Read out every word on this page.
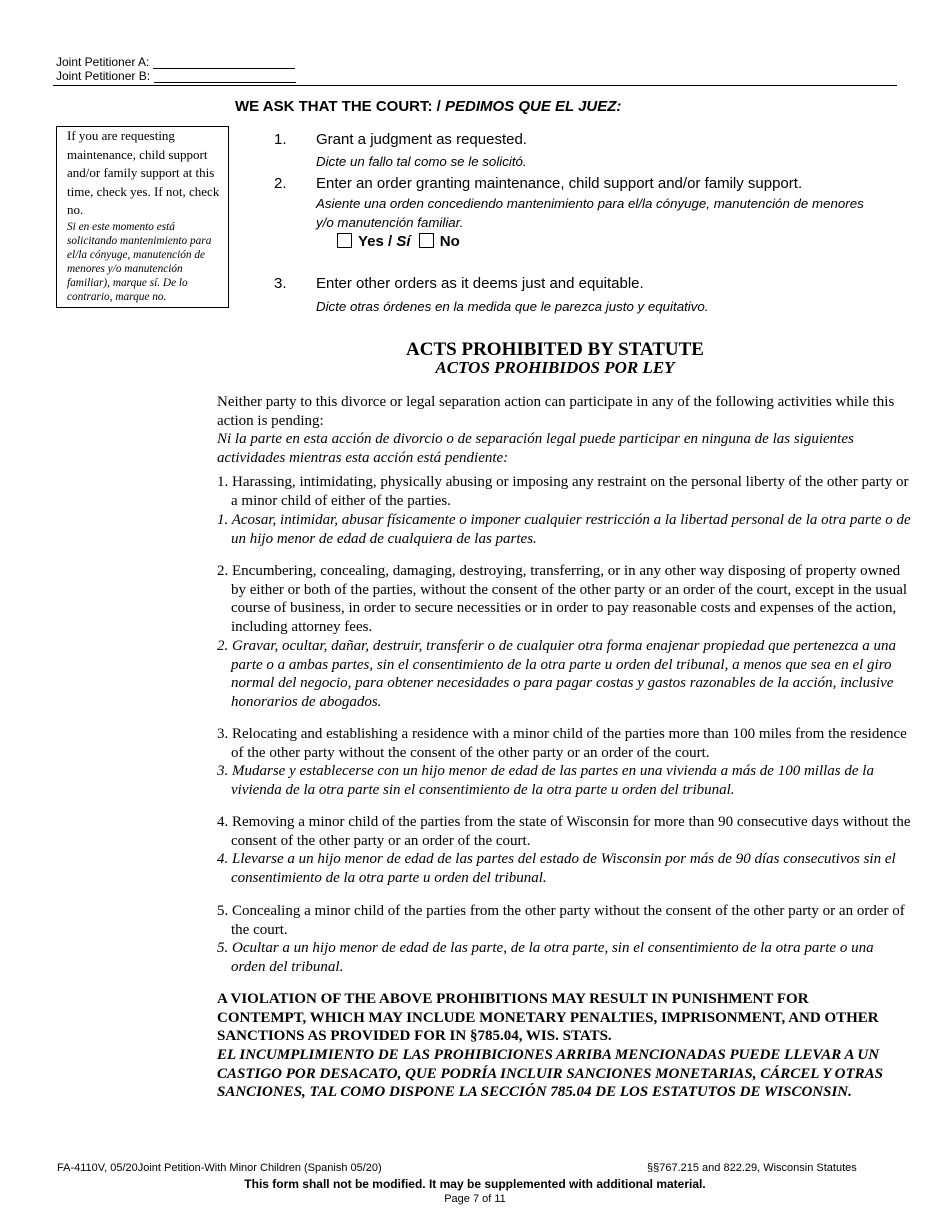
Joint Petitioner A:
Joint Petitioner B:
WE ASK THAT THE COURT: / PEDIMOS QUE EL JUEZ:

If you are requesting maintenance, child support and/or family support at this time, check yes. If not, check no.

Si en este momento está solicitando mantenimiento para el/la cónyuge, manutención de menores y/o manutención familiar), marque sí. De lo contrario, marque no.

1. Grant a judgment as requested.
Dicte un fallo tal como se le solicitó.
2. Enter an order granting maintenance, child support and/or family support.
Asiente una orden concediendo mantenimiento para el/la cónyuge, manutención de menores y/o manutención familiar.
Yes / Sí No
3. Enter other orders as it deems just and equitable.
Dicte otras órdenes en la medida que le parezca justo y equitativo.
ACTS PROHIBITED BY STATUTE
ACTOS PROHIBIDOS POR LEY
Neither party to this divorce or legal separation action can participate in any of the following activities while this action is pending:
Ni la parte en esta acción de divorcio o de separación legal puede participar en ninguna de las siguientes actividades mientras esta acción está pendiente:
1. Harassing, intimidating, physically abusing or imposing any restraint on the personal liberty of the other party or a minor child of either of the parties.
1. Acosar, intimidar, abusar físicamente o imponer cualquier restricción a la libertad personal de la otra parte o de un hijo menor de edad de cualquiera de las partes.
2. Encumbering, concealing, damaging, destroying, transferring, or in any other way disposing of property owned by either or both of the parties, without the consent of the other party or an order of the court, except in the usual course of business, in order to secure necessities or in order to pay reasonable costs and expenses of the action, including attorney fees.
2. Gravar, ocultar, dañar, destruir, transferir o de cualquier otra forma enajenar propiedad que pertenezca a una parte o a ambas partes, sin el consentimiento de la otra parte u orden del tribunal, a menos que sea en el giro normal del negocio, para obtener necesidades o para pagar costas y gastos razonables de la acción, inclusive honorarios de abogados.
3. Relocating and establishing a residence with a minor child of the parties more than 100 miles from the residence of the other party without the consent of the other party or an order of the court.
3. Mudarse y establecerse con un hijo menor de edad de las partes en una vivienda a más de 100 millas de la vivienda de la otra parte sin el consentimiento de la otra parte u orden del tribunal.
4. Removing a minor child of the parties from the state of Wisconsin for more than 90 consecutive days without the consent of the other party or an order of the court.
4. Llevarse a un hijo menor de edad de las partes del estado de Wisconsin por más de 90 días consecutivos sin el consentimiento de la otra parte u orden del tribunal.
5. Concealing a minor child of the parties from the other party without the consent of the other party or an order of the court.
5. Ocultar a un hijo menor de edad de las parte, de la otra parte, sin el consentimiento de la otra parte o una orden del tribunal.
A VIOLATION OF THE ABOVE PROHIBITIONS MAY RESULT IN PUNISHMENT FOR CONTEMPT, WHICH MAY INCLUDE MONETARY PENALTIES, IMPRISONMENT, AND OTHER SANCTIONS AS PROVIDED FOR IN §785.04, WIS. STATS.
EL INCUMPLIMIENTO DE LAS PROHIBICIONES ARRIBA MENCIONADAS PUEDE LLEVAR A UN CASTIGO POR DESACATO, QUE PODRÍA INCLUIR SANCIONES MONETARIAS, CÁRCEL Y OTRAS SANCIONES, TAL COMO DISPONE LA SECCIÓN 785.04 DE LOS ESTATUTOS DE WISCONSIN.
FA-4110V, 05/20Joint Petition-With Minor Children (Spanish 05/20)	§§767.215 and 822.29, Wisconsin Statutes
This form shall not be modified. It may be supplemented with additional material.
Page 7 of 11
